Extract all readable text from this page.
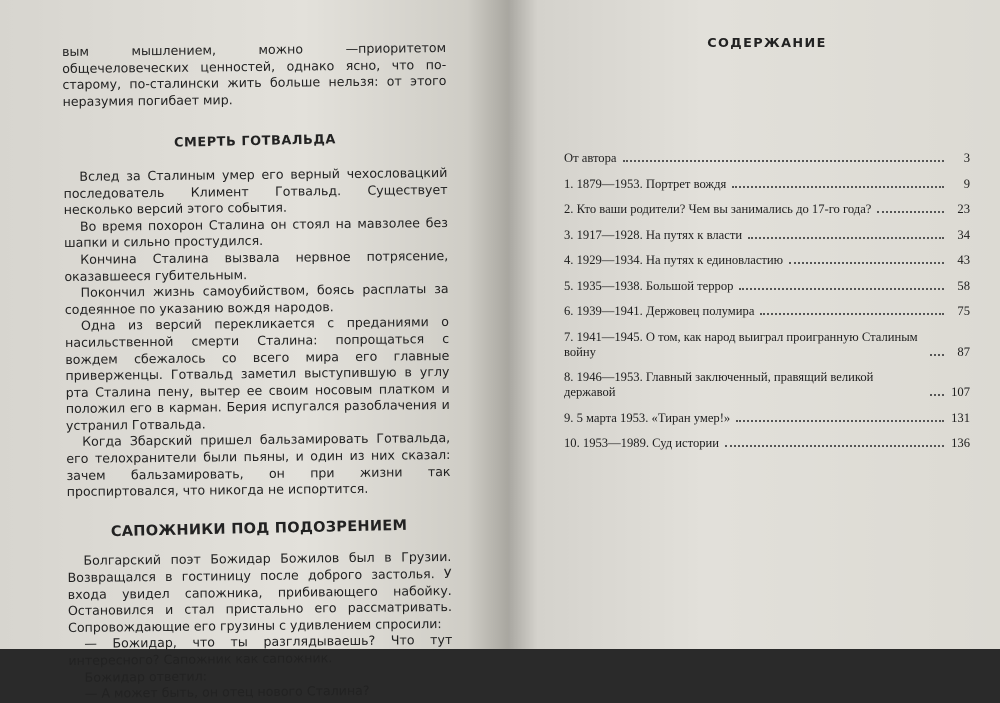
вым мышлением, можно —приоритетом общечеловеческих ценностей, однако ясно, что по-старому, по-сталински жить больше нельзя: от этого неразумия погибает мир.

СМЕРТЬ ГОТВАЛЬДА

Вслед за Сталиным умер его верный чехословацкий последователь Климент Готвальд. Существует несколько версий этого события.

Во время похорон Сталина он стоял на мавзолее без шапки и сильно простудился.

Кончина Сталина вызвала нервное потрясение, оказавшееся губительным.

Покончил жизнь самоубийством, боясь расплаты за содеянное по указанию вождя народов.

Одна из версий перекликается с преданиями о насильственной смерти Сталина: попрощаться с вождем сбежалось со всего мира его главные приверженцы. Готвальд заметил выступившую в углу рта Сталина пену, вытер ее своим носовым платком и положил его в карман. Берия испугался разоблачения и устранил Готвальда.

Когда Збарский пришел бальзамировать Готвальда, его телохранители были пьяны, и один из них сказал: зачем бальзамировать, он при жизни так проспиртовался, что никогда не испортится.

САПОЖНИКИ ПОД ПОДОЗРЕНИЕМ

Болгарский поэт Божидар Божилов был в Грузии. Возвращался в гостиницу после доброго застолья. У входа увидел сапожника, прибивающего набойку. Остановился и стал пристально его рассматривать. Сопровождающие его грузины с удивлением спросили:

— Божидар, что ты разглядываешь? Что тут интересного? Сапожник как сапожник.

Божидар ответил:

— А может быть, он отец нового Сталина?

СОДЕРЖАНИЕ
От автора	3
1. 1879—1953. Портрет вождя	9
2. Кто ваши родители? Чем вы занимались до 17-го года?	23
3. 1917—1928. На путях к власти	34
4. 1929—1934. На путях к единовластию	43
5. 1935—1938. Большой террор	58
6. 1939—1941. Держовец полумира	75
7. 1941—1945. О том, как народ выиграл проигранную Сталиным войну	87
8. 1946—1953. Главный заключенный, правящий великой державой	107
9. 5 марта 1953. «Тиран умер!»	131
10. 1953—1989. Суд истории	136
